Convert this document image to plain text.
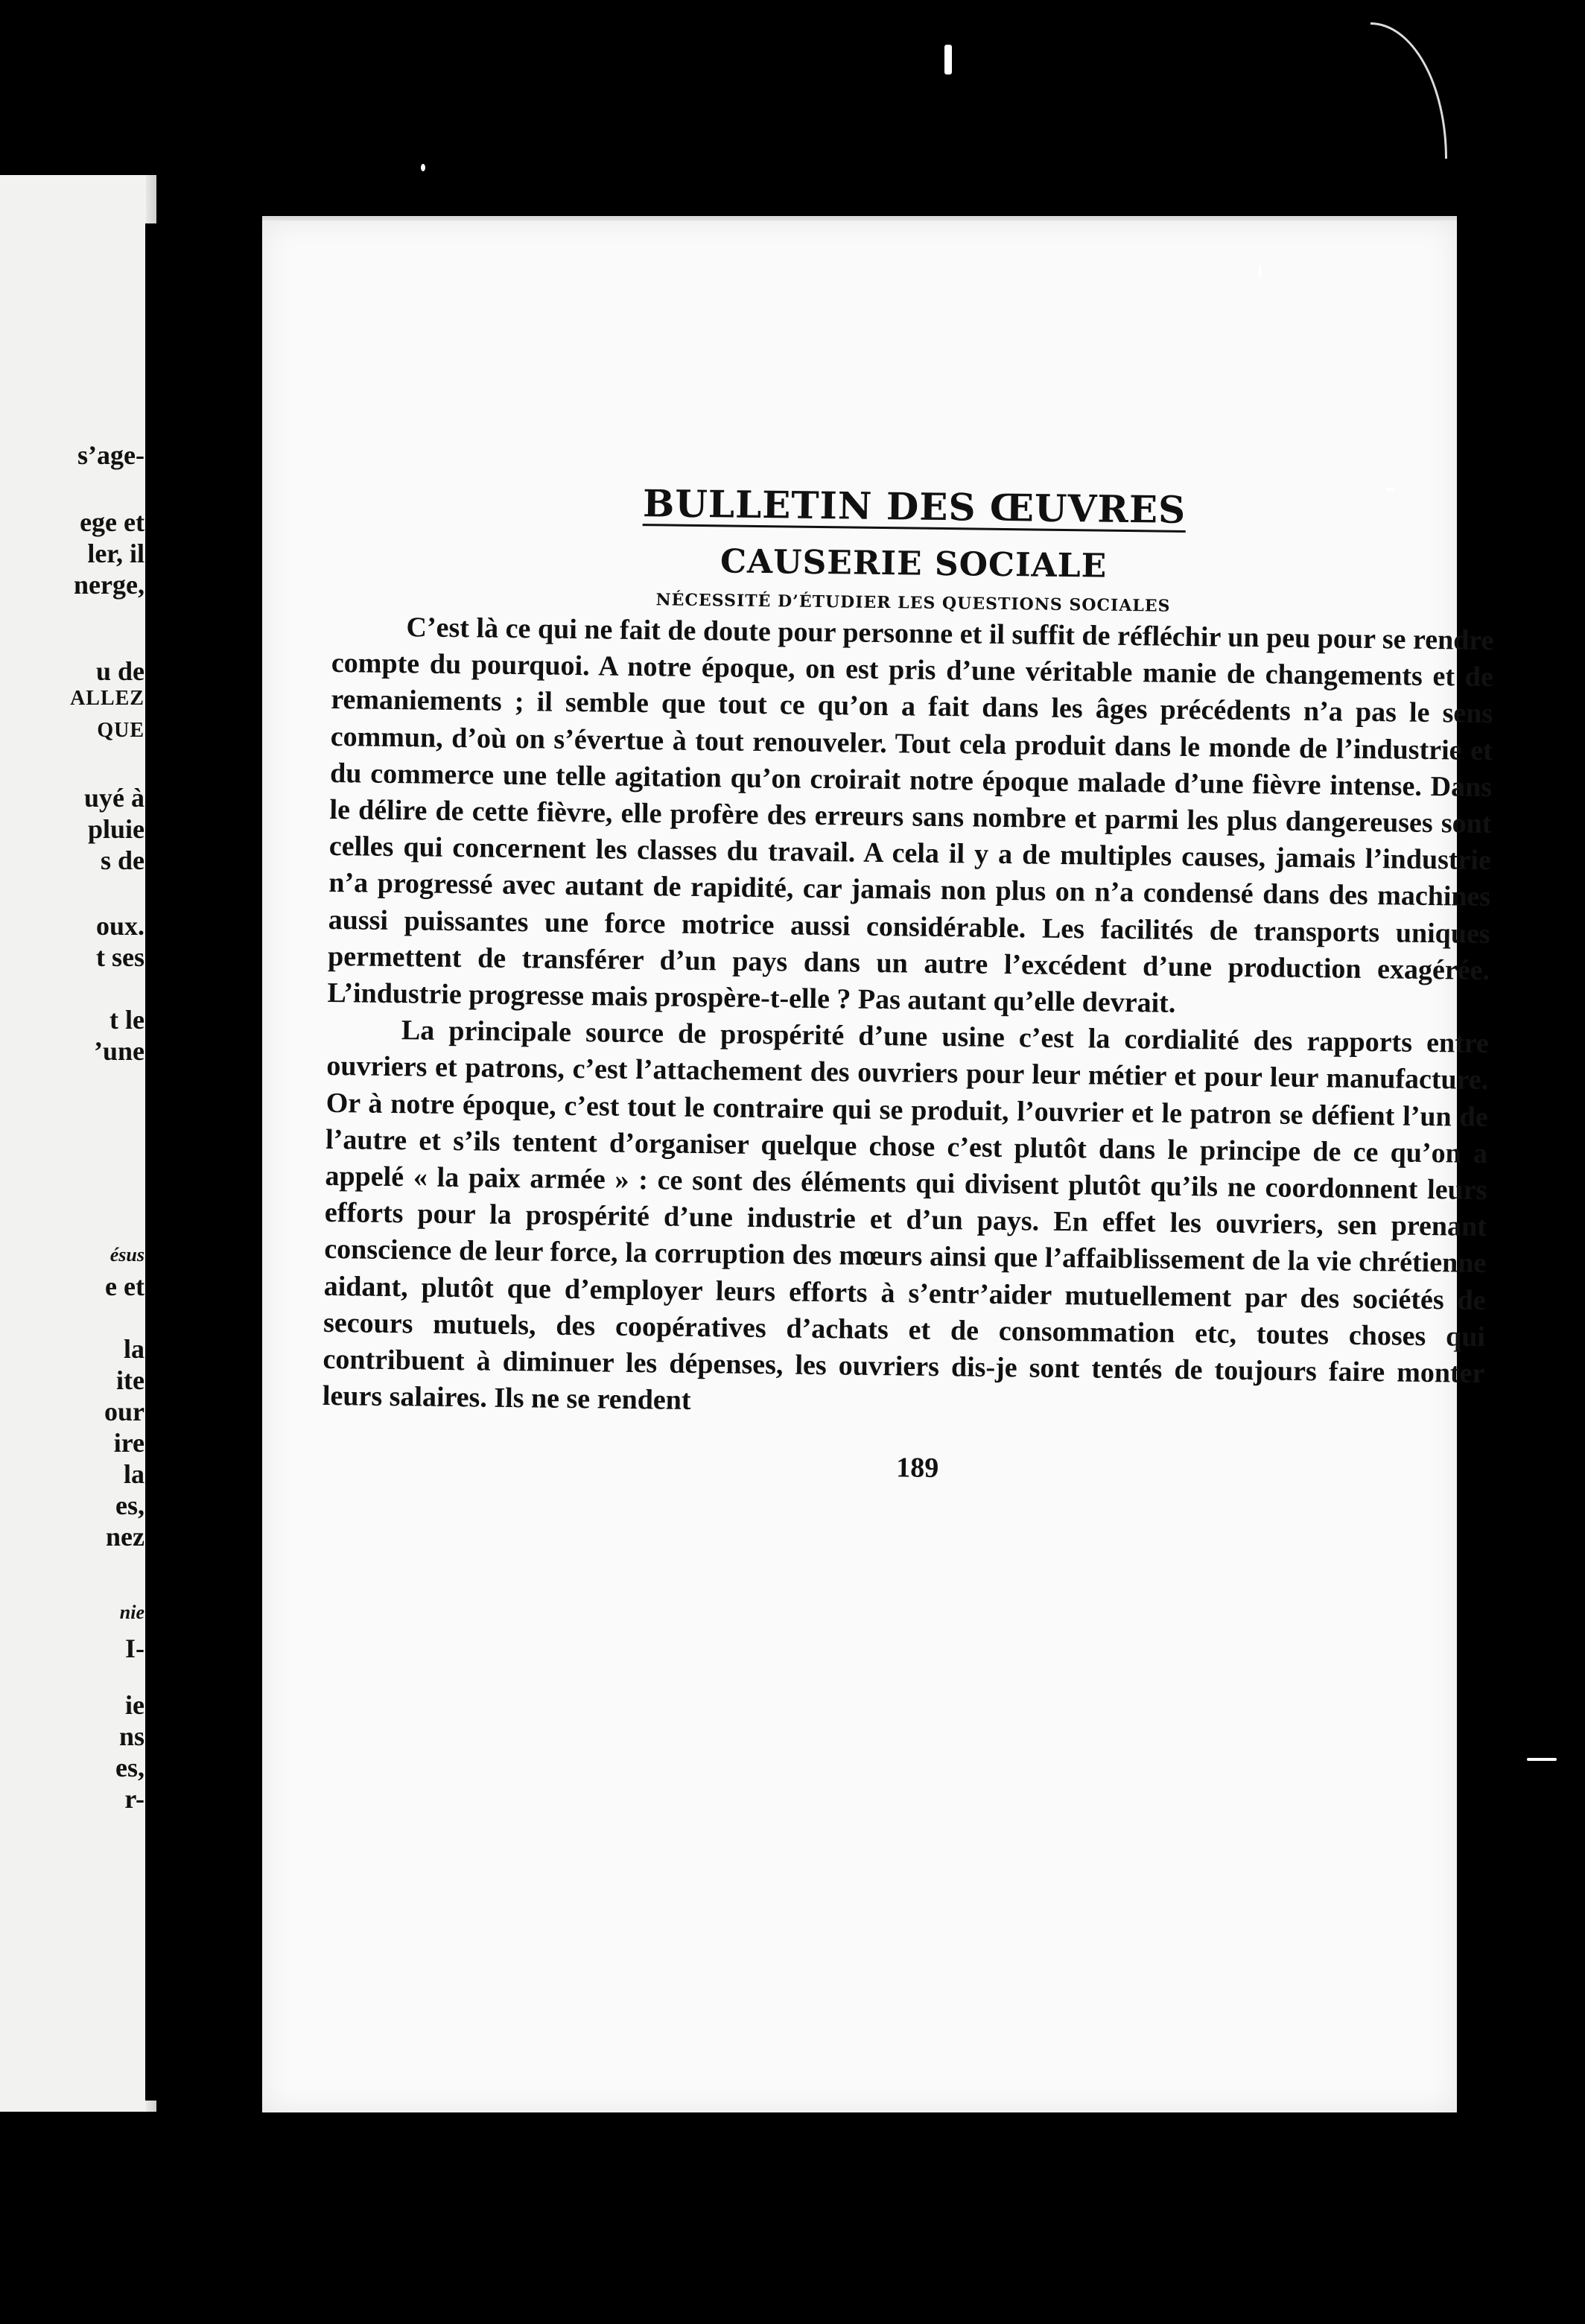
s’age-
ege et
ler, il
nerge,
u de
ALLEZ
QUE
uyé à
pluie
s de
oux.
t ses
t le
’une
ésus
e et
la
ite
our
ire
la
es,
nez
nie
I-
ie
ns
es,
r-
BULLETIN DES ŒUVRES
CAUSERIE SOCIALE
NÉCESSITÉ D’ÉTUDIER LES QUESTIONS SOCIALES

C’est là ce qui ne fait de doute pour personne et il suffit de réfléchir un peu pour se rendre compte du pourquoi. A notre époque, on est pris d’une véritable manie de changements et de remaniements ; il semble que tout ce qu’on a fait dans les âges précédents n’a pas le sens commun, d’où on s’évertue à tout renouveler. Tout cela produit dans le monde de l’industrie et du commerce une telle agitation qu’on croirait notre époque malade d’une fièvre intense. Dans le délire de cette fièvre, elle profère des erreurs sans nombre et parmi les plus dangereuses sont celles qui concernent les classes du travail. A cela il y a de multiples causes, jamais l’industrie n’a progressé avec autant de rapidité, car jamais non plus on n’a condensé dans des machines aussi puissantes une force motrice aussi considérable. Les facilités de transports uniques permettent de transférer d’un pays dans un autre l’excédent d’une production exagérée. L’industrie progresse mais prospère-t-elle ? Pas autant qu’elle devrait.

La principale source de prospérité d’une usine c’est la cordialité des rapports entre ouvriers et patrons, c’est l’attachement des ouvriers pour leur métier et pour leur manufacture. Or à notre époque, c’est tout le contraire qui se produit, l’ouvrier et le patron se défient l’un de l’autre et s’ils tentent d’organiser quelque chose c’est plutôt dans le principe de ce qu’on a appelé « la paix armée » : ce sont des éléments qui divisent plutôt qu’ils ne coordonnent leurs efforts pour la prospérité d’une industrie et d’un pays. En effet les ouvriers, sen prenant conscience de leur force, la corruption des mœurs ainsi que l’affaiblissement de la vie chrétienne aidant, plutôt que d’employer leurs efforts à s’entr’aider mutuellement par des sociétés de secours mutuels, des coopératives d’achats et de consommation etc, toutes choses qui contribuent à diminuer les dépenses, les ouvriers dis-je sont tentés de toujours faire monter leurs salaires. Ils ne se rendent

189
